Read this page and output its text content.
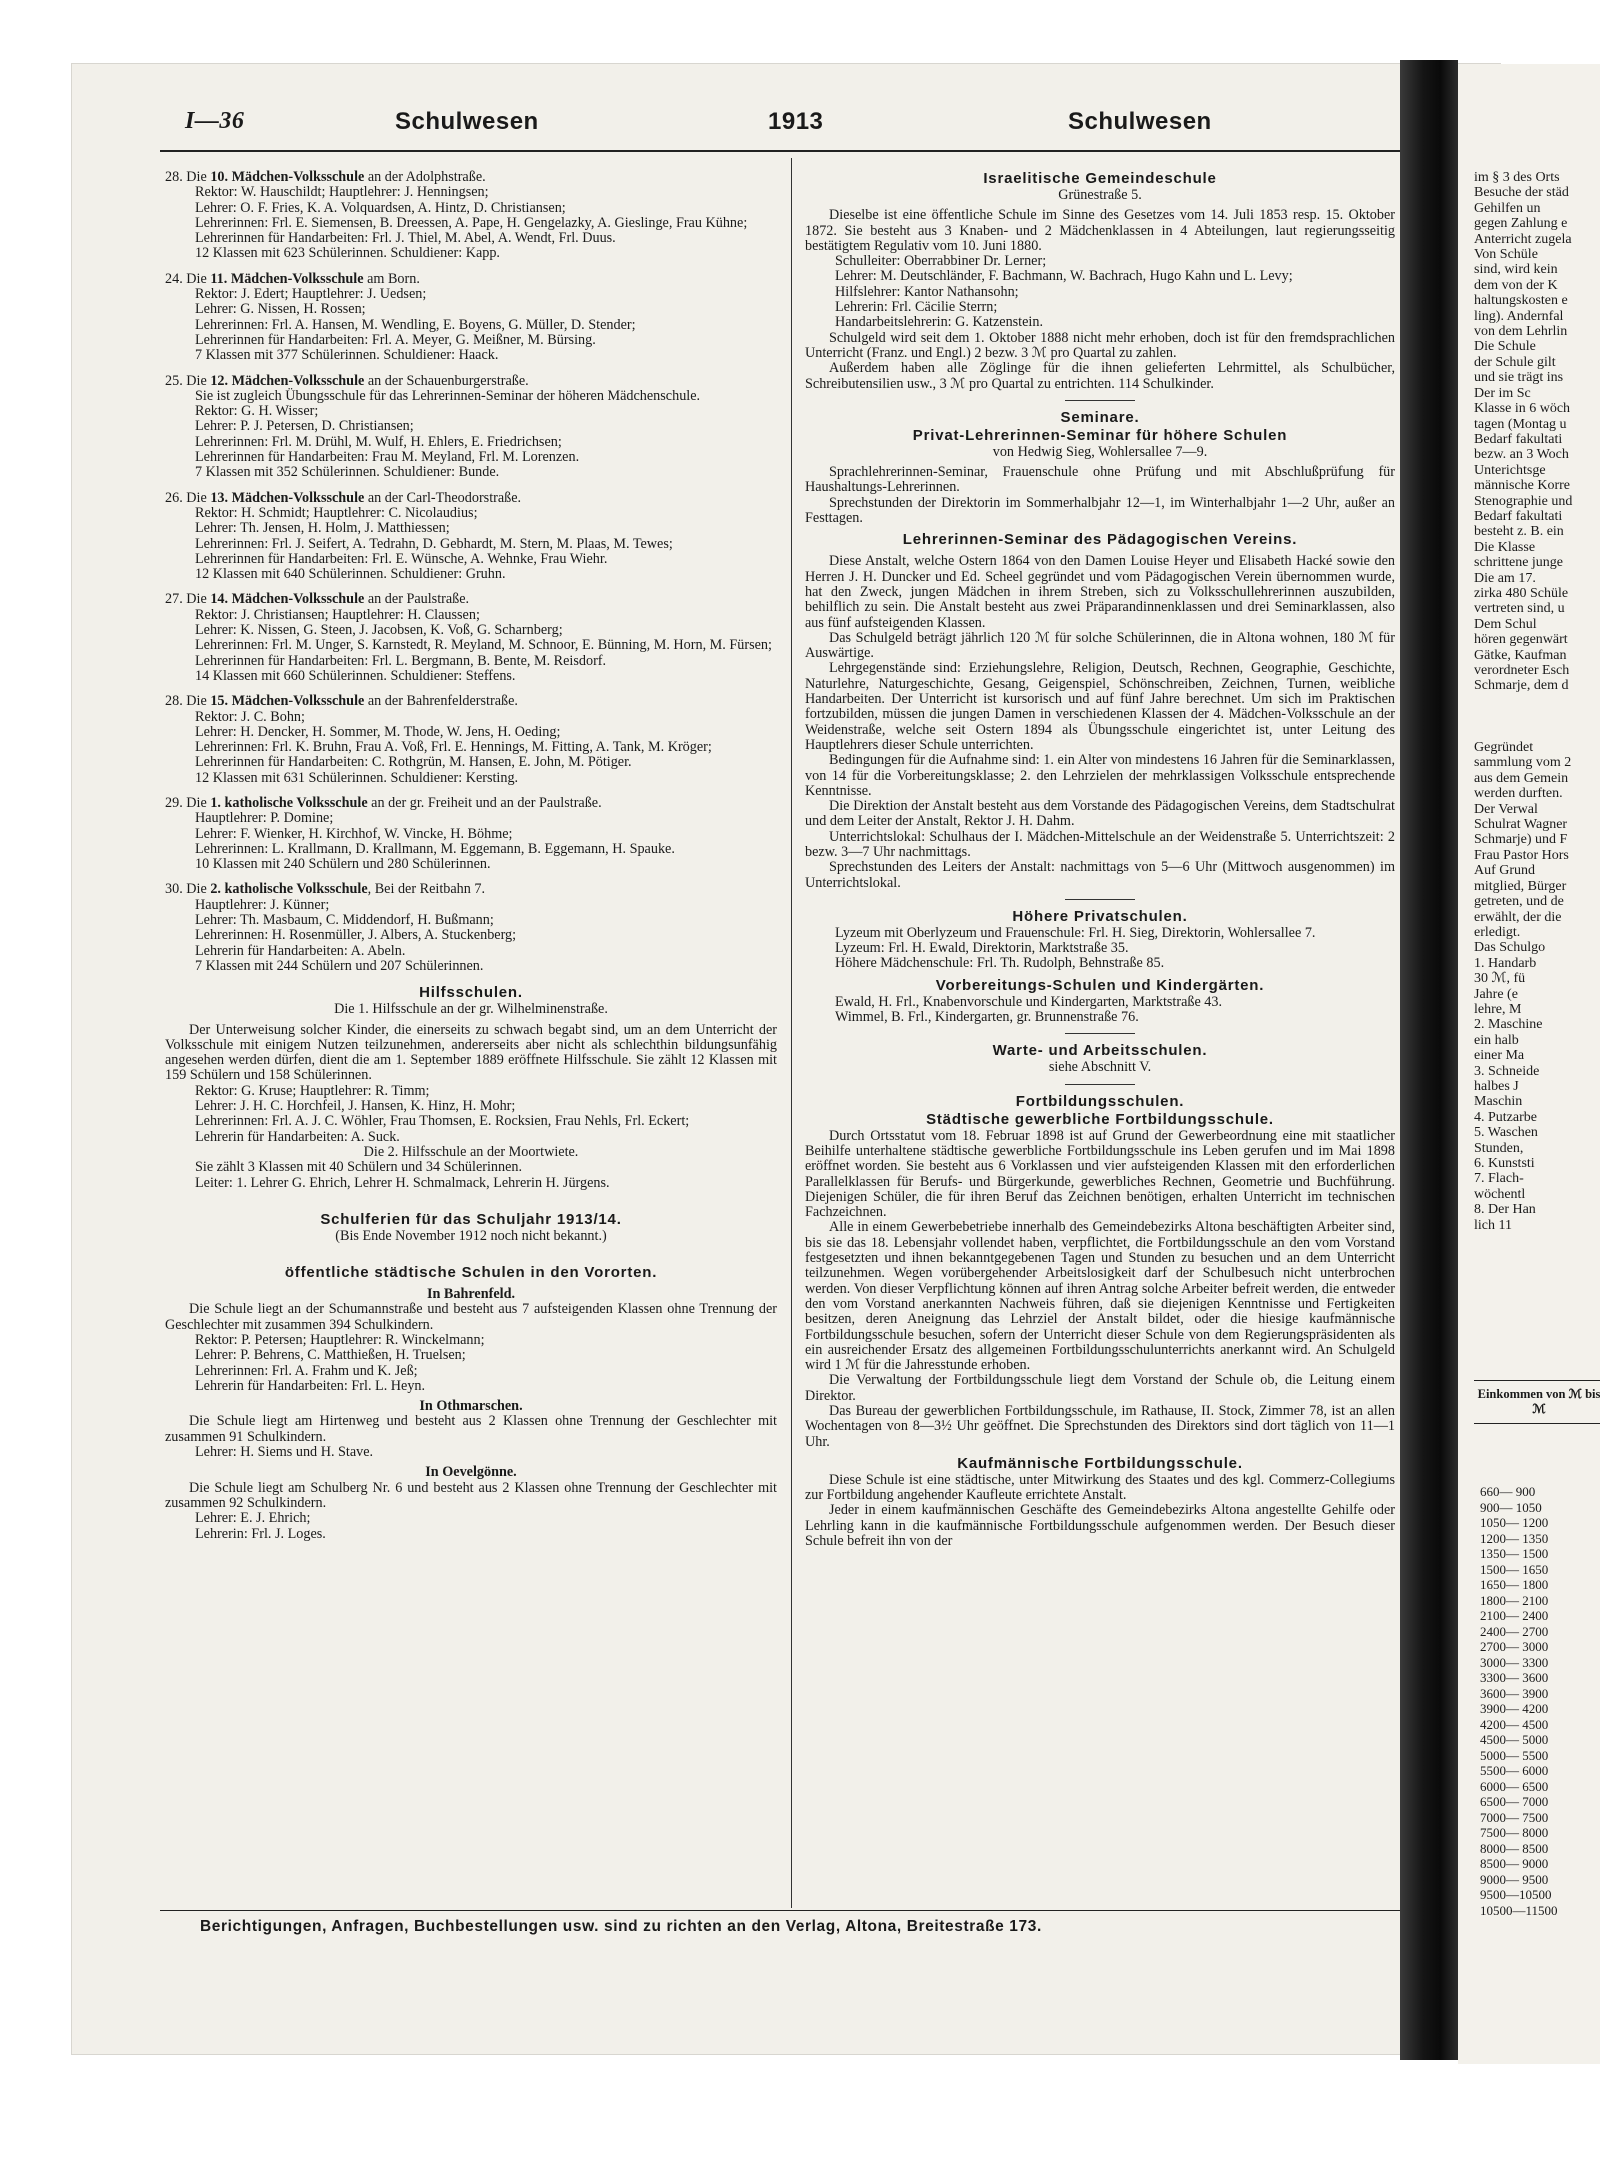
I—36	Schulwesen	1913	Schulwesen

28. Die 10. Mädchen-Volksschule an der Adolphstraße.

Rektor: W. Hauschildt; Hauptlehrer: J. Henningsen;

Lehrer: O. F. Fries, K. A. Volquardsen, A. Hintz, D. Christiansen;

Lehrerinnen: Frl. E. Siemensen, B. Dreessen, A. Pape, H. Gengelazky, A. Gieslinge, Frau Kühne;

Lehrerinnen für Handarbeiten: Frl. J. Thiel, M. Abel, A. Wendt, Frl. Duus.

12 Klassen mit 623 Schülerinnen. Schuldiener: Kapp.

24. Die 11. Mädchen-Volksschule am Born.

Rektor: J. Edert; Hauptlehrer: J. Uedsen;

Lehrer: G. Nissen, H. Rossen;

Lehrerinnen: Frl. A. Hansen, M. Wendling, E. Boyens, G. Müller, D. Stender;

Lehrerinnen für Handarbeiten: Frl. A. Meyer, G. Meißner, M. Bürsing.

7 Klassen mit 377 Schülerinnen. Schuldiener: Haack.

25. Die 12. Mädchen-Volksschule an der Schauenburgerstraße.

Sie ist zugleich Übungsschule für das Lehrerinnen-Seminar der höheren Mädchenschule.

Rektor: G. H. Wisser;

Lehrer: P. J. Petersen, D. Christiansen;

Lehrerinnen: Frl. M. Drühl, M. Wulf, H. Ehlers, E. Friedrichsen;

Lehrerinnen für Handarbeiten: Frau M. Meyland, Frl. M. Lorenzen.

7 Klassen mit 352 Schülerinnen. Schuldiener: Bunde.

26. Die 13. Mädchen-Volksschule an der Carl-Theodorstraße.

Rektor: H. Schmidt; Hauptlehrer: C. Nicolaudius;

Lehrer: Th. Jensen, H. Holm, J. Matthiessen;

Lehrerinnen: Frl. J. Seifert, A. Tedrahn, D. Gebhardt, M. Stern, M. Plaas, M. Tewes;

Lehrerinnen für Handarbeiten: Frl. E. Wünsche, A. Wehnke, Frau Wiehr.

12 Klassen mit 640 Schülerinnen. Schuldiener: Gruhn.

27. Die 14. Mädchen-Volksschule an der Paulstraße.

Rektor: J. Christiansen; Hauptlehrer: H. Claussen;

Lehrer: K. Nissen, G. Steen, J. Jacobsen, K. Voß, G. Scharnberg;

Lehrerinnen: Frl. M. Unger, S. Karnstedt, R. Meyland, M. Schnoor, E. Bünning, M. Horn, M. Fürsen;

Lehrerinnen für Handarbeiten: Frl. L. Bergmann, B. Bente, M. Reisdorf.

14 Klassen mit 660 Schülerinnen. Schuldiener: Steffens.

28. Die 15. Mädchen-Volksschule an der Bahrenfelderstraße.

Rektor: J. C. Bohn;

Lehrer: H. Dencker, H. Sommer, M. Thode, W. Jens, H. Oeding;

Lehrerinnen: Frl. K. Bruhn, Frau A. Voß, Frl. E. Hennings, M. Fitting, A. Tank, M. Kröger;

Lehrerinnen für Handarbeiten: C. Rothgrün, M. Hansen, E. John, M. Pötiger.

12 Klassen mit 631 Schülerinnen. Schuldiener: Kersting.

29. Die 1. katholische Volksschule an der gr. Freiheit und an der Paulstraße.

Hauptlehrer: P. Domine;

Lehrer: F. Wienker, H. Kirchhof, W. Vincke, H. Böhme;

Lehrerinnen: L. Krallmann, D. Krallmann, M. Eggemann, B. Eggemann, H. Spauke.

10 Klassen mit 240 Schülern und 280 Schülerinnen.

30. Die 2. katholische Volksschule, Bei der Reitbahn 7.

Hauptlehrer: J. Künner;

Lehrer: Th. Masbaum, C. Middendorf, H. Bußmann;

Lehrerinnen: H. Rosenmüller, J. Albers, A. Stuckenberg;

Lehrerin für Handarbeiten: A. Abeln.

7 Klassen mit 244 Schülern und 207 Schülerinnen.

Hilfsschulen.

Die 1. Hilfsschule an der gr. Wilhelminenstraße.

Der Unterweisung solcher Kinder, die einerseits zu schwach begabt sind, um an dem Unterricht der Volksschule mit einigem Nutzen teilzunehmen, andererseits aber nicht als schlechthin bildungsunfähig angesehen werden dürfen, dient die am 1. September 1889 eröffnete Hilfsschule. Sie zählt 12 Klassen mit 159 Schülern und 158 Schülerinnen.

Rektor: G. Kruse; Hauptlehrer: R. Timm;

Lehrer: J. H. C. Horchfeil, J. Hansen, K. Hinz, H. Mohr;

Lehrerinnen: Frl. A. J. C. Wöhler, Frau Thomsen, E. Rocksien, Frau Nehls, Frl. Eckert;

Lehrerin für Handarbeiten: A. Suck.

Die 2. Hilfsschule an der Moortwiete.

Sie zählt 3 Klassen mit 40 Schülern und 34 Schülerinnen.

Leiter: 1. Lehrer G. Ehrich, Lehrer H. Schmalmack, Lehrerin H. Jürgens.

Schulferien für das Schuljahr 1913/14.

(Bis Ende November 1912 noch nicht bekannt.)

öffentliche städtische Schulen in den Vororten.

In Bahrenfeld.

Die Schule liegt an der Schumannstraße und besteht aus 7 aufsteigenden Klassen ohne Trennung der Geschlechter mit zusammen 394 Schulkindern.

Rektor: P. Petersen; Hauptlehrer: R. Winckelmann;

Lehrer: P. Behrens, C. Matthießen, H. Truelsen;

Lehrerinnen: Frl. A. Frahm und K. Jeß;

Lehrerin für Handarbeiten: Frl. L. Heyn.

In Othmarschen.

Die Schule liegt am Hirtenweg und besteht aus 2 Klassen ohne Trennung der Geschlechter mit zusammen 91 Schulkindern.

Lehrer: H. Siems und H. Stave.

In Oevelgönne.

Die Schule liegt am Schulberg Nr. 6 und besteht aus 2 Klassen ohne Trennung der Geschlechter mit zusammen 92 Schulkindern.

Lehrer: E. J. Ehrich;

Lehrerin: Frl. J. Loges.

Israelitische Gemeindeschule

Grünestraße 5.

Dieselbe ist eine öffentliche Schule im Sinne des Gesetzes vom 14. Juli 1853 resp. 15. Oktober 1872. Sie besteht aus 3 Knaben- und 2 Mädchenklassen in 4 Abteilungen, laut regierungsseitig bestätigtem Regulativ vom 10. Juni 1880.

Schulleiter: Oberrabbiner Dr. Lerner;

Lehrer: M. Deutschländer, F. Bachmann, W. Bachrach, Hugo Kahn und L. Levy;

Hilfslehrer: Kantor Nathansohn;

Lehrerin: Frl. Cäcilie Sterrn;

Handarbeitslehrerin: G. Katzenstein.

Schulgeld wird seit dem 1. Oktober 1888 nicht mehr erhoben, doch ist für den fremdsprachlichen Unterricht (Franz. und Engl.) 2 bezw. 3 ℳ pro Quartal zu zahlen.

Außerdem haben alle Zöglinge für die ihnen gelieferten Lehrmittel, als Schulbücher, Schreibutensilien usw., 3 ℳ pro Quartal zu entrichten. 114 Schulkinder.

Seminare.

Privat-Lehrerinnen-Seminar für höhere Schulen

von Hedwig Sieg, Wohlersallee 7—9.

Sprachlehrerinnen-Seminar, Frauenschule ohne Prüfung und mit Abschlußprüfung für Haushaltungs-Lehrerinnen.

Sprechstunden der Direktorin im Sommerhalbjahr 12—1, im Winterhalbjahr 1—2 Uhr, außer an Festtagen.

Lehrerinnen-Seminar des Pädagogischen Vereins.

Diese Anstalt, welche Ostern 1864 von den Damen Louise Heyer und Elisabeth Hacké sowie den Herren J. H. Duncker und Ed. Scheel gegründet und vom Pädagogischen Verein übernommen wurde, hat den Zweck, jungen Mädchen in ihrem Streben, sich zu Volksschullehrerinnen auszubilden, behilflich zu sein. Die Anstalt besteht aus zwei Präparandinnenklassen und drei Seminarklassen, also aus fünf aufsteigenden Klassen.

Das Schulgeld beträgt jährlich 120 ℳ für solche Schülerinnen, die in Altona wohnen, 180 ℳ für Auswärtige.

Lehrgegenstände sind: Erziehungslehre, Religion, Deutsch, Rechnen, Geographie, Geschichte, Naturlehre, Naturgeschichte, Gesang, Geigenspiel, Schönschreiben, Zeichnen, Turnen, weibliche Handarbeiten. Der Unterricht ist kursorisch und auf fünf Jahre berechnet. Um sich im Praktischen fortzubilden, müssen die jungen Damen in verschiedenen Klassen der 4. Mädchen-Volksschule an der Weidenstraße, welche seit Ostern 1894 als Übungsschule eingerichtet ist, unter Leitung des Hauptlehrers dieser Schule unterrichten.

Bedingungen für die Aufnahme sind: 1. ein Alter von mindestens 16 Jahren für die Seminarklassen, von 14 für die Vorbereitungsklasse; 2. den Lehrzielen der mehrklassigen Volksschule entsprechende Kenntnisse.

Die Direktion der Anstalt besteht aus dem Vorstande des Pädagogischen Vereins, dem Stadtschulrat und dem Leiter der Anstalt, Rektor J. H. Dahm.

Unterrichtslokal: Schulhaus der I. Mädchen-Mittelschule an der Weidenstraße 5. Unterrichtszeit: 2 bezw. 3—7 Uhr nachmittags.

Sprechstunden des Leiters der Anstalt: nachmittags von 5—6 Uhr (Mittwoch ausgenommen) im Unterrichtslokal.

Höhere Privatschulen.

Lyzeum mit Oberlyzeum und Frauenschule: Frl. H. Sieg, Direktorin, Wohlersallee 7.

Lyzeum: Frl. H. Ewald, Direktorin, Marktstraße 35.

Höhere Mädchenschule: Frl. Th. Rudolph, Behnstraße 85.

Vorbereitungs-Schulen und Kindergärten.

Ewald, H. Frl., Knabenvorschule und Kindergarten, Marktstraße 43.

Wimmel, B. Frl., Kindergarten, gr. Brunnenstraße 76.

Warte- und Arbeitsschulen.

siehe Abschnitt V.

Fortbildungsschulen.

Städtische gewerbliche Fortbildungsschule.

Durch Ortsstatut vom 18. Februar 1898 ist auf Grund der Gewerbeordnung eine mit staatlicher Beihilfe unterhaltene städtische gewerbliche Fortbildungsschule ins Leben gerufen und im Mai 1898 eröffnet worden. Sie besteht aus 6 Vorklassen und vier aufsteigenden Klassen mit den erforderlichen Parallelklassen für Berufs- und Bürgerkunde, gewerbliches Rechnen, Geometrie und Buchführung. Diejenigen Schüler, die für ihren Beruf das Zeichnen benötigen, erhalten Unterricht im technischen Fachzeichnen.

Alle in einem Gewerbebetriebe innerhalb des Gemeindebezirks Altona beschäftigten Arbeiter sind, bis sie das 18. Lebensjahr vollendet haben, verpflichtet, die Fortbildungsschule an den vom Vorstand festgesetzten und ihnen bekanntgegebenen Tagen und Stunden zu besuchen und an dem Unterricht teilzunehmen. Wegen vorübergehender Arbeitslosigkeit darf der Schulbesuch nicht unterbrochen werden. Von dieser Verpflichtung können auf ihren Antrag solche Arbeiter befreit werden, die entweder den vom Vorstand anerkannten Nachweis führen, daß sie diejenigen Kenntnisse und Fertigkeiten besitzen, deren Aneignung das Lehrziel der Anstalt bildet, oder die hiesige kaufmännische Fortbildungsschule besuchen, sofern der Unterricht dieser Schule von dem Regierungspräsidenten als ein ausreichender Ersatz des allgemeinen Fortbildungsschulunterrichts anerkannt wird. An Schulgeld wird 1 ℳ für die Jahresstunde erhoben.

Die Verwaltung der Fortbildungsschule liegt dem Vorstand der Schule ob, die Leitung einem Direktor.

Das Bureau der gewerblichen Fortbildungsschule, im Rathause, II. Stock, Zimmer 78, ist an allen Wochentagen von 8—3½ Uhr geöffnet. Die Sprechstunden des Direktors sind dort täglich von 11—1 Uhr.

Kaufmännische Fortbildungsschule.

Diese Schule ist eine städtische, unter Mitwirkung des Staates und des kgl. Commerz-Collegiums zur Fortbildung angehender Kaufleute errichtete Anstalt.

Jeder in einem kaufmännischen Geschäfte des Gemeindebezirks Altona angestellte Gehilfe oder Lehrling kann in die kaufmännische Fortbildungsschule aufgenommen werden. Der Besuch dieser Schule befreit ihn von der

Berichtigungen, Anfragen, Buchbestellungen usw. sind zu richten an den Verlag, Altona, Breitestraße 173.

im § 3 des Orts

Besuche der städ

Gehilfen un

gegen Zahlung e

Anterricht zugela

Von Schüle

sind, wird kein

dem von der K

haltungskosten e

ling). Andernfal

von dem Lehrlin

Die Schule

der Schule gilt

und sie trägt ins

Der im Sc

Klasse in 6 wöch

tagen (Montag u

Bedarf fakultati

bezw. an 3 Woch

Unterichtsge

männische Korre

Stenographie und

Bedarf fakultati

besteht z. B. ein

Die Klasse

schrittene junge

Die am 17.

zirka 480 Schüle

vertreten sind, u

Dem Schul

hören gegenwärt

Gätke, Kaufman

verordneter Esch

Schmarje, dem d

Gegründet

sammlung vom 2

aus dem Gemein

werden durften.

Der Verwal

Schulrat Wagner

Schmarje) und F

Frau Pastor Hors

Auf Grund

mitglied, Bürger

getreten, und de

erwählt, der die

erledigt.

Das Schulgo

1. Handarb

30 ℳ, fü

Jahre (e

lehre, M

2. Maschine

ein halb

einer Ma

3. Schneide

halbes J

Maschin

4. Putzarbe

5. Waschen

Stunden,

6. Kunststi

7. Flach-

wöchentl

8. Der Han

lich 11

Einkommen von ℳ bis ℳ
660— 900
900— 1050
1050— 1200
1200— 1350
1350— 1500
1500— 1650
1650— 1800
1800— 2100
2100— 2400
2400— 2700
2700— 3000
3000— 3300
3300— 3600
3600— 3900
3900— 4200
4200— 4500
4500— 5000
5000— 5500
5500— 6000
6000— 6500
6500— 7000
7000— 7500
7500— 8000
8000— 8500
8500— 9000
9000— 9500
9500—10500
10500—11500
